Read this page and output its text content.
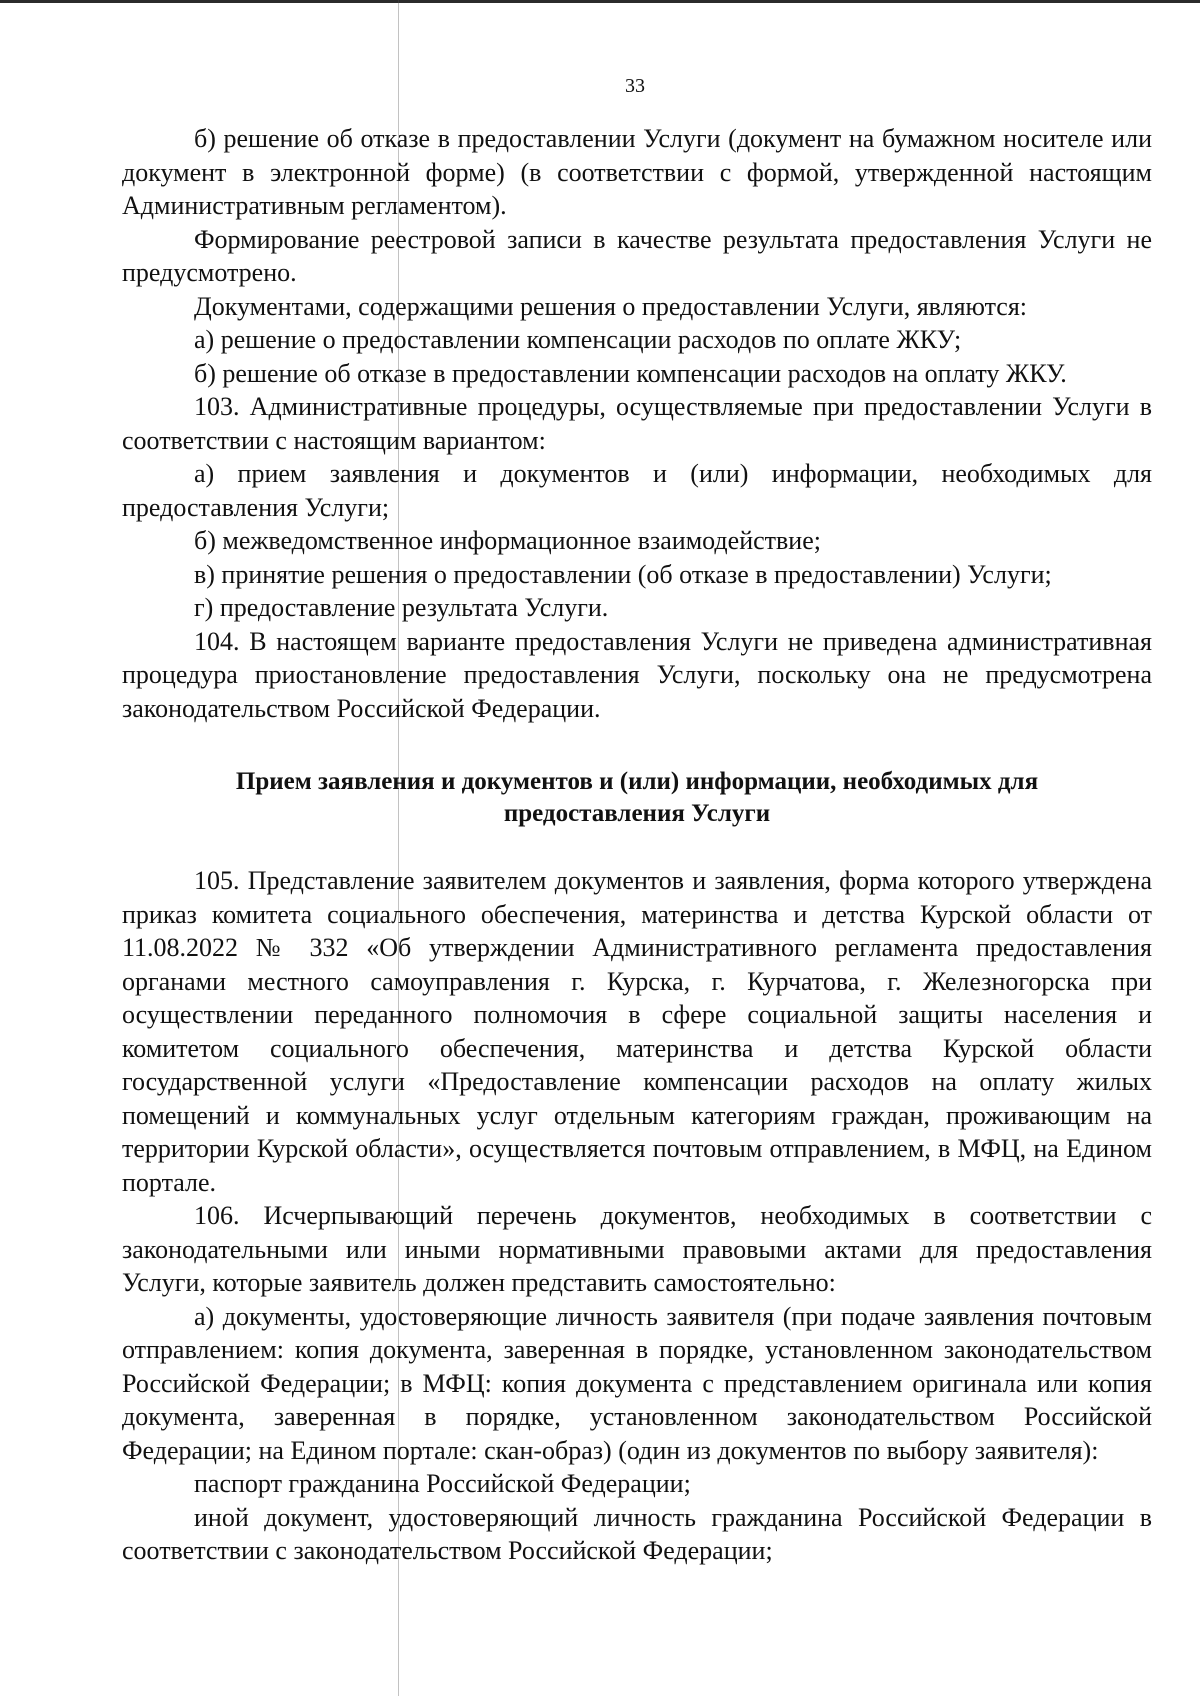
33

б) решение об отказе в предоставлении Услуги (документ на бумажном носителе или документ в электронной форме) (в соответствии с формой, утвержденной настоящим Административным регламентом).

Формирование реестровой записи в качестве результата предоставления Услуги не предусмотрено.

Документами, содержащими решения о предоставлении Услуги, являются:

а) решение о предоставлении компенсации расходов по оплате ЖКУ;

б) решение об отказе в предоставлении компенсации расходов на оплату ЖКУ.

103. Административные процедуры, осуществляемые при предоставлении Услуги в соответствии с настоящим вариантом:

а) прием заявления и документов и (или) информации, необходимых для предоставления Услуги;

б) межведомственное информационное взаимодействие;

в) принятие решения о предоставлении (об отказе в предоставлении) Услуги;

г) предоставление результата Услуги.

104. В настоящем варианте предоставления Услуги не приведена административная процедура приостановление предоставления Услуги, поскольку она не предусмотрена законодательством Российской Федерации.

Прием заявления и документов и (или) информации, необходимых для
предоставления Услуги

105. Представление заявителем документов и заявления, форма которого утверждена приказ комитета социального обеспечения, материнства и детства Курской области от 11.08.2022 № 332 «Об утверждении Административного регламента предоставления органами местного самоуправления г. Курска, г. Курчатова, г. Железногорска при осуществлении переданного полномочия в сфере социальной защиты населения и комитетом социального обеспечения, материнства и детства Курской области государственной услуги «Предоставление компенсации расходов на оплату жилых помещений и коммунальных услуг отдельным категориям граждан, проживающим на территории Курской области», осуществляется почтовым отправлением, в МФЦ, на Едином портале.

106. Исчерпывающий перечень документов, необходимых в соответствии с законодательными или иными нормативными правовыми актами для предоставления Услуги, которые заявитель должен представить самостоятельно:

а) документы, удостоверяющие личность заявителя (при подаче заявления почтовым отправлением: копия документа, заверенная в порядке, установленном законодательством Российской Федерации; в МФЦ: копия документа с представлением оригинала или копия документа, заверенная в порядке, установленном законодательством Российской Федерации; на Едином портале: скан-образ) (один из документов по выбору заявителя):

паспорт гражданина Российской Федерации;

иной документ, удостоверяющий личность гражданина Российской Федерации в соответствии с законодательством Российской Федерации;
